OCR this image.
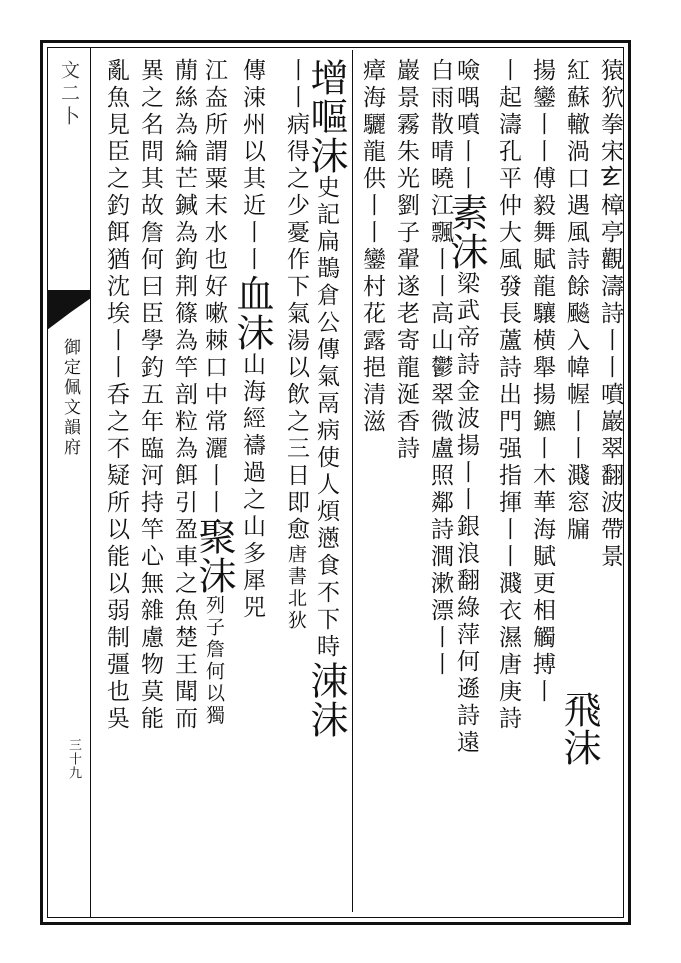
文二卜
御定佩文韻府
三十九
猿狖拳宋𤣥樟亭觀濤詩丨丨噴巖翠翻波帶景
紅蘇轍渦口遇風詩餘飈入幃幄丨丨濺窓牖
揚鑾丨丨傅毅舞賦龍驤横舉揚鑣丨木華海賦更相觸搏丨
丨起濤孔平仲大風發長蘆詩出門强指揮丨丨濺衣濕唐庚詩
噞喁噴丨丨素沫梁武帝詩金波揚丨丨銀浪翻綠萍何遜詩遠
白雨散晴曉江飄丨丨高山鬱翠微盧照鄰詩澗漱漂丨丨
巖景霧朱光劉子翬遂老寄龍涎香詩
瘴海驪龍供丨丨鑾村花露挹清滋
增嘔沫史記扁鵲倉公傳氣鬲病使人煩懣食不下時涑沫
丨丨病得之少憂作下氣湯以飲之三日即愈唐書北狄
傳涑州以其近丨丨血沫山海經禱過之山多犀兕
江盇所謂粟末水也好嗽棘口中常灑丨丨聚沫列子詹何以獨
蕑絲為綸芒鍼為鉤荆篠為竿剖粒為餌引盈車之魚楚王聞而
異之名問其故詹何曰臣學釣五年臨河持竿心無雜慮物莫能
亂魚見臣之釣餌猶沈埃丨丨呑之不疑所以能以弱制彊也吳	飛沫
